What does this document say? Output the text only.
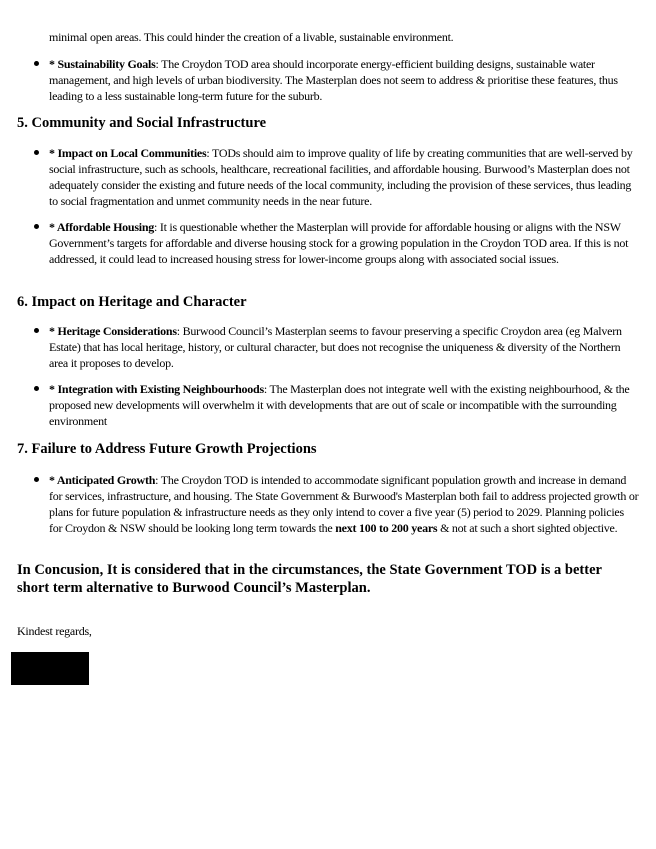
minimal open areas. This could hinder the creation of a livable, sustainable environment.

* Sustainability Goals: The Croydon TOD area should incorporate energy-efficient building designs, sustainable water management, and high levels of urban biodiversity. The Masterplan does not seem to address & prioritise these features, thus leading to a less sustainable long-term future for the suburb.
5. Community and Social Infrastructure
* Impact on Local Communities: TODs should aim to improve quality of life by creating communities that are well-served by social infrastructure, such as schools, healthcare, recreational facilities, and affordable housing. Burwood’s Masterplan does not adequately consider the existing and future needs of the local community, including the provision of these services, thus leading to social fragmentation and unmet community needs in the near future.
* Affordable Housing: It is questionable whether the Masterplan will provide for affordable housing or aligns with the NSW Government’s targets for affordable and diverse housing stock for a growing population in the Croydon TOD area. If this is not addressed, it could lead to increased housing stress for lower-income groups along with associated social issues.
6. Impact on Heritage and Character
* Heritage Considerations: Burwood Council’s Masterplan seems to favour preserving a specific Croydon area (eg Malvern Estate) that has local heritage, history, or cultural character, but does not recognise the uniqueness & diversity of the Northern area it proposes to develop.
* Integration with Existing Neighbourhoods: The Masterplan does not integrate well with the existing neighbourhood, & the proposed new developments will overwhelm it with developments that are out of scale or incompatible with the surrounding environment
7. Failure to Address Future Growth Projections
* Anticipated Growth: The Croydon TOD is intended to accommodate significant population growth and increase in demand for services, infrastructure, and housing. The State Government & Burwood's Masterplan both fail to address projected growth or plans for future population & infrastructure needs as they only intend to cover a five year (5) period to 2029. Planning policies for Croydon & NSW should be looking long term towards the next 100 to 200 years & not at such a short sighted objective.

In Concusion, It is considered that in the circumstances, the State Government TOD is a better short term alternative to Burwood Council’s Masterplan.

Kindest regards,
